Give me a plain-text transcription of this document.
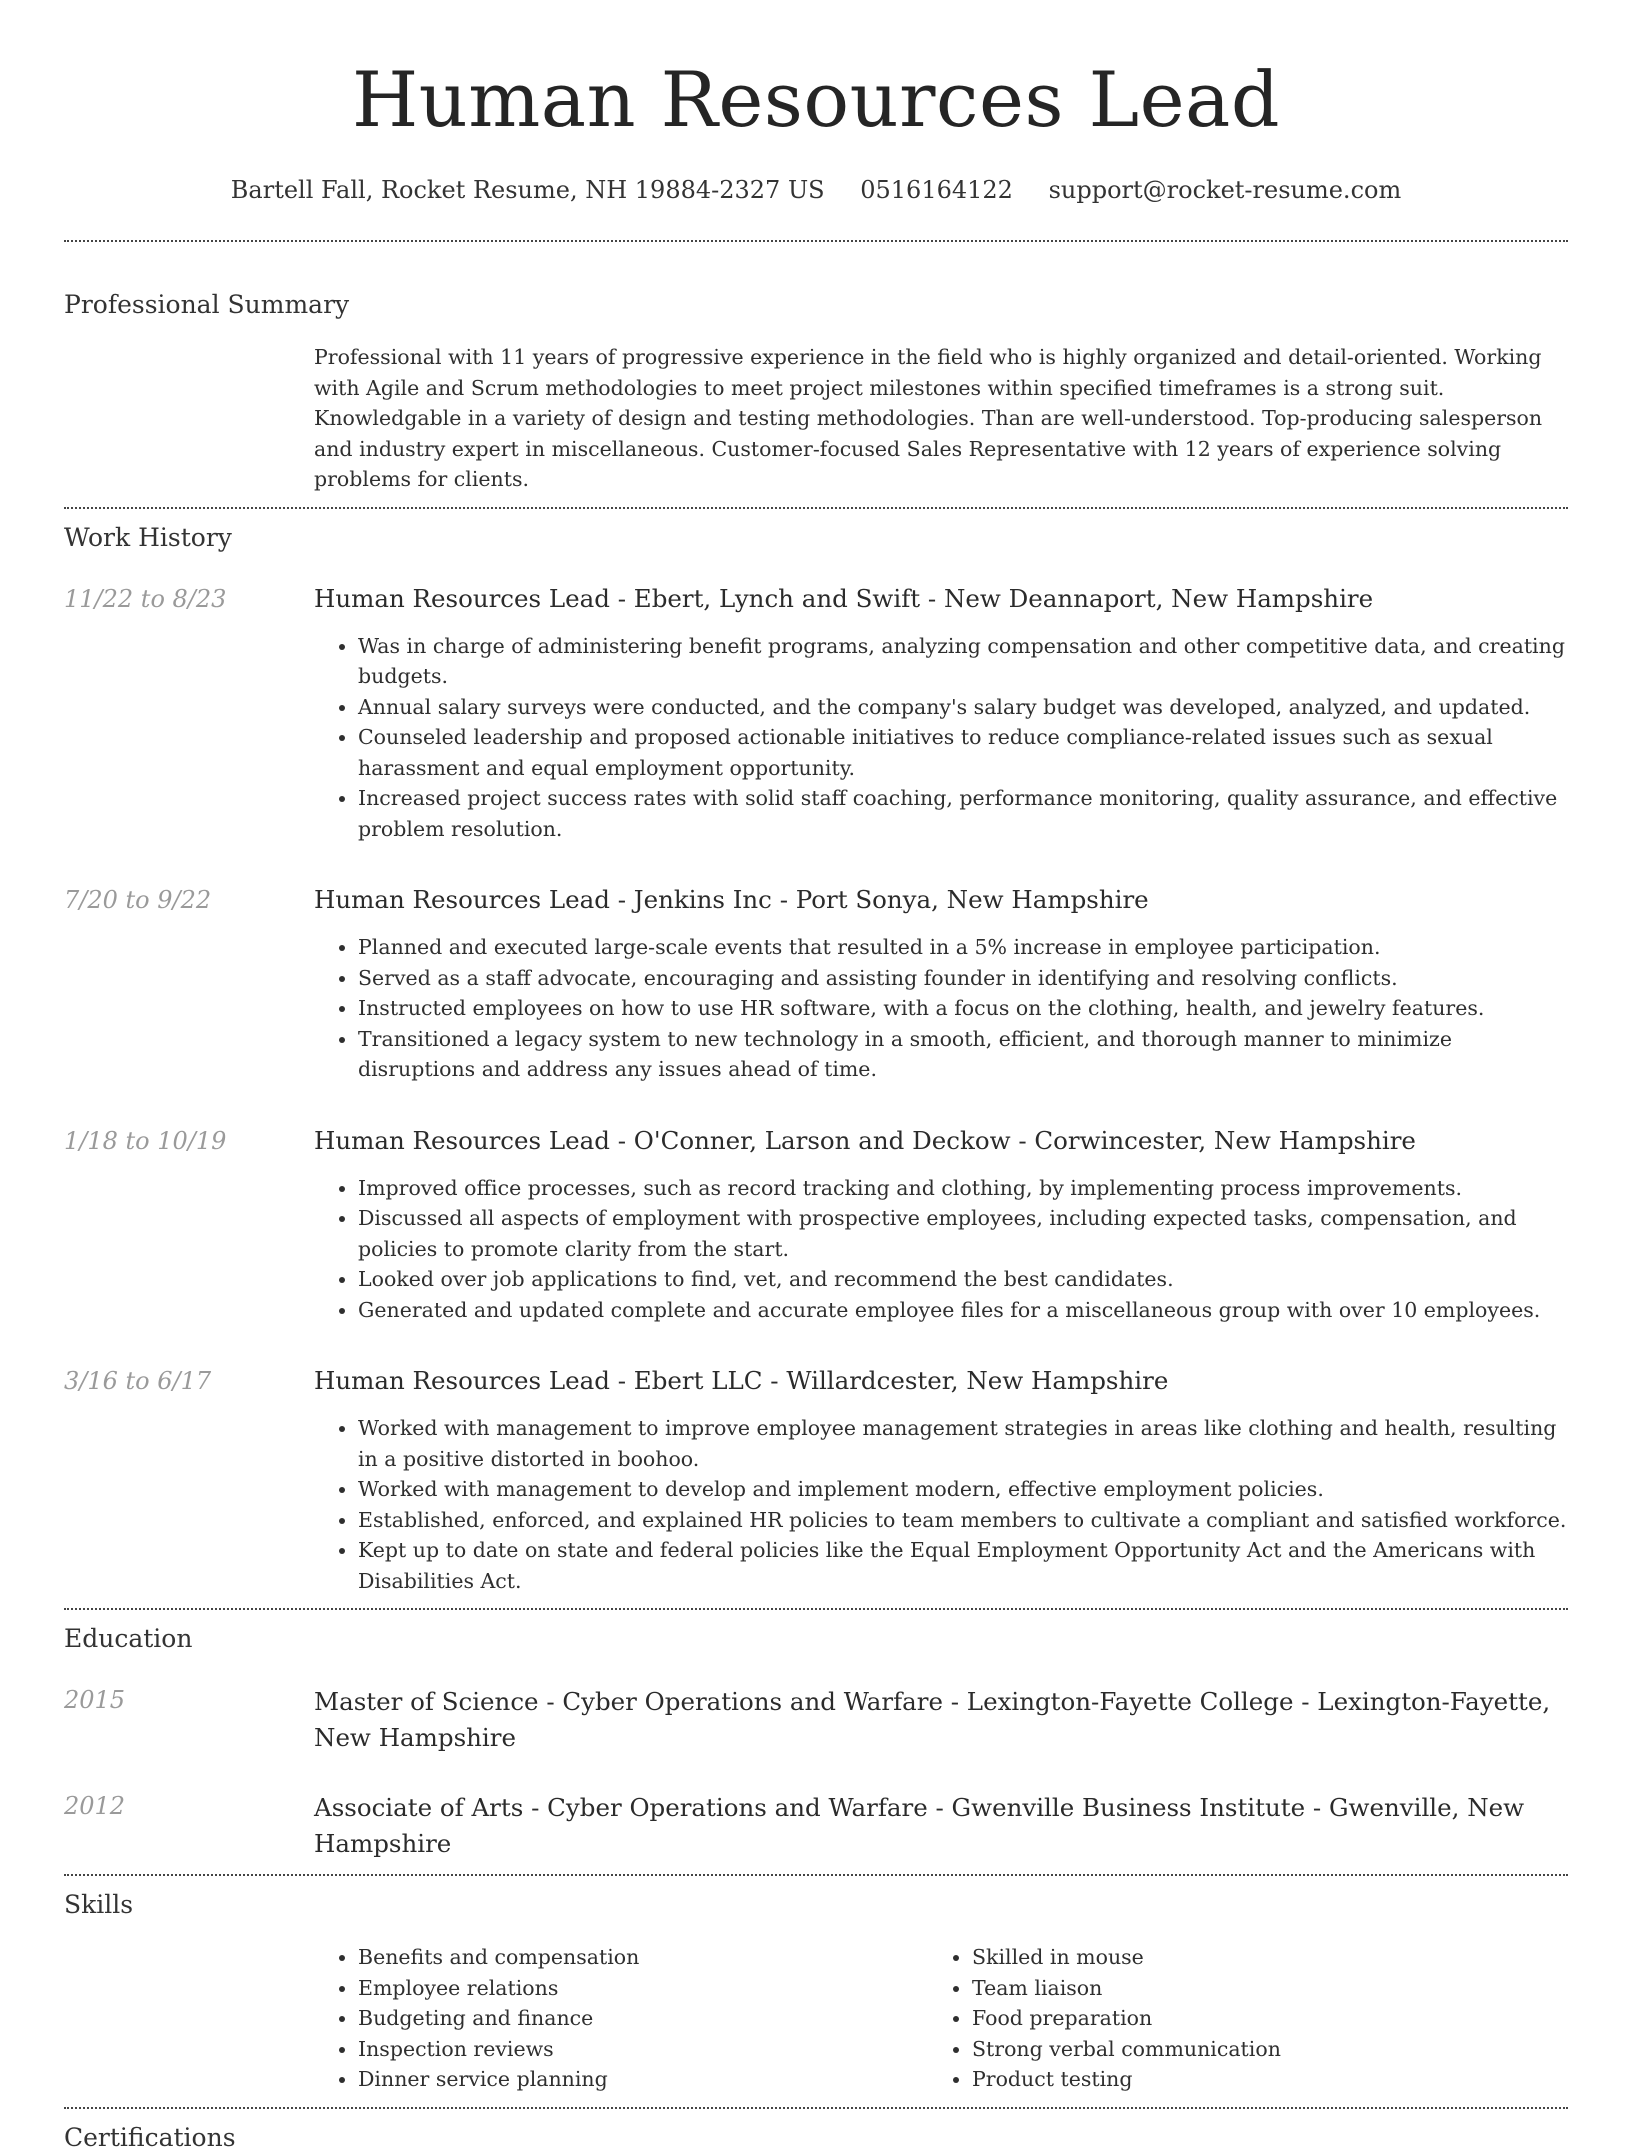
Human Resources Lead
Bartell Fall, Rocket Resume, NH 19884-2327 US 0516164122 support@rocket-resume.com
Professional Summary

Professional with 11 years of progressive experience in the field who is highly organized and detail-oriented. Working with Agile and Scrum methodologies to meet project milestones within specified timeframes is a strong suit. Knowledgable in a variety of design and testing methodologies. Than are well-understood. Top-producing salesperson and industry expert in miscellaneous. Customer-focused Sales Representative with 12 years of experience solving problems for clients.

Work History
11/22 to 8/23	Human Resources Lead - Ebert, Lynch and Swift - New Deannaport, New Hampshire
• Was in charge of administering benefit programs, analyzing compensation and other competitive data, and creating budgets.
• Annual salary surveys were conducted, and the company's salary budget was developed, analyzed, and updated.
• Counseled leadership and proposed actionable initiatives to reduce compliance-related issues such as sexual harassment and equal employment opportunity.
• Increased project success rates with solid staff coaching, performance monitoring, quality assurance, and effective problem resolution.
7/20 to 9/22	Human Resources Lead - Jenkins Inc - Port Sonya, New Hampshire
• Planned and executed large-scale events that resulted in a 5% increase in employee participation.
• Served as a staff advocate, encouraging and assisting founder in identifying and resolving conflicts.
• Instructed employees on how to use HR software, with a focus on the clothing, health, and jewelry features.
• Transitioned a legacy system to new technology in a smooth, efficient, and thorough manner to minimize disruptions and address any issues ahead of time.
1/18 to 10/19	Human Resources Lead - O'Conner, Larson and Deckow - Corwincester, New Hampshire
• Improved office processes, such as record tracking and clothing, by implementing process improvements.
• Discussed all aspects of employment with prospective employees, including expected tasks, compensation, and policies to promote clarity from the start.
• Looked over job applications to find, vet, and recommend the best candidates.
• Generated and updated complete and accurate employee files for a miscellaneous group with over 10 employees.
3/16 to 6/17	Human Resources Lead - Ebert LLC - Willardcester, New Hampshire
• Worked with management to improve employee management strategies in areas like clothing and health, resulting in a positive distorted in boohoo.
• Worked with management to develop and implement modern, effective employment policies.
• Established, enforced, and explained HR policies to team members to cultivate a compliant and satisfied workforce.
• Kept up to date on state and federal policies like the Equal Employment Opportunity Act and the Americans with Disabilities Act.
Education
2015	Master of Science - Cyber Operations and Warfare - Lexington-Fayette College - Lexington-Fayette, New Hampshire
2012	Associate of Arts - Cyber Operations and Warfare - Gwenville Business Institute - Gwenville, New Hampshire
Skills
• Benefits and compensation
• Employee relations
• Budgeting and finance
• Inspection reviews
• Dinner service planning
• Skilled in mouse
• Team liaison
• Food preparation
• Strong verbal communication
• Product testing
Certifications
